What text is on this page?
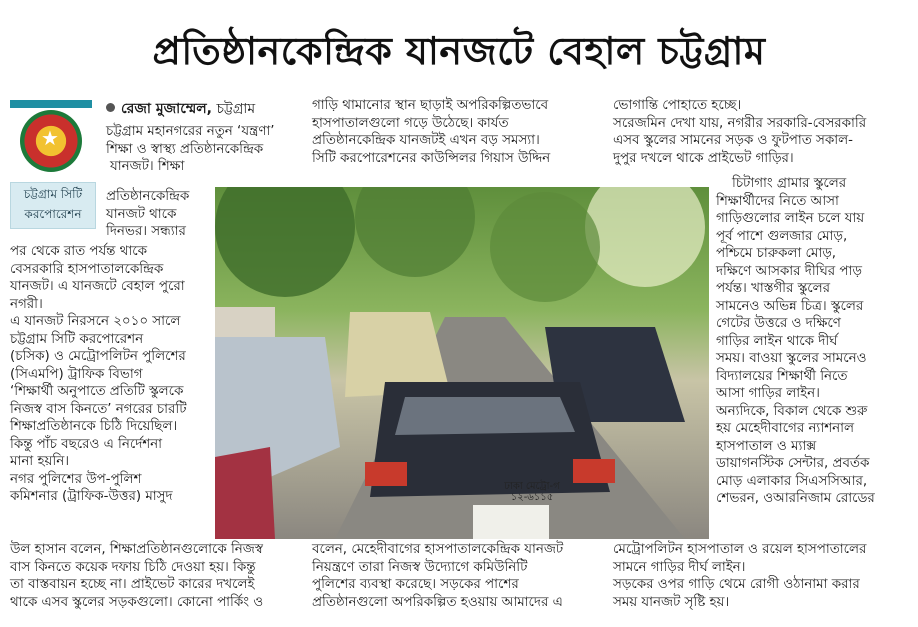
প্রতিষ্ঠানকেন্দ্রিক যানজটে বেহাল চট্টগ্রাম
★
চট্টগ্রাম সিটি
করপোরেশন
রেজা মুজাম্মেল, চট্টগ্রাম
চট্টগ্রাম মহানগরের নতুন ‘যন্ত্রণা’
শিক্ষা ও স্বাস্থ্য প্রতিষ্ঠানকেন্দ্রিক
যানজট। শিক্ষা
প্রতিষ্ঠানকেন্দ্রিক
যানজট থাকে
দিনভর। সন্ধ্যার
পর থেকে রাত পর্যন্ত থাকে
বেসরকারি হাসপাতালকেন্দ্রিক
যানজট। এ যানজটে বেহাল পুরো
নগরী।
এ যানজট নিরসনে ২০১০ সালে
চট্টগ্রাম সিটি করপোরেশন
(চসিক) ও মেট্রোপলিটন পুলিশের
(সিএমপি) ট্রাফিক বিভাগ
‘শিক্ষার্থী অনুপাতে প্রতিটি স্কুলকে
নিজস্ব বাস কিনতে’ নগরের চারটি
শিক্ষাপ্রতিষ্ঠানকে চিঠি দিয়েছিল।
কিন্তু পাঁচ বছরেও এ নির্দেশনা
মানা হয়নি।
নগর পুলিশের উপ-পুলিশ
কমিশনার (ট্রাফিক-উত্তর) মাসুদ
উল হাসান বলেন, শিক্ষাপ্রতিষ্ঠানগুলোকে নিজস্ব
বাস কিনতে কয়েক দফায় চিঠি দেওয়া হয়। কিন্তু
তা বাস্তবায়ন হচ্ছে না। প্রাইভেট কারের দখলেই
থাকে এসব স্কুলের সড়কগুলো। কোনো পার্কিং ও
গাড়ি থামানোর স্থান ছাড়াই অপরিকল্পিতভাবে
হাসপাতালগুলো গড়ে উঠেছে। কার্যত
প্রতিষ্ঠানকেন্দ্রিক যানজটই এখন বড় সমস্যা।
সিটি করপোরেশনের কাউন্সিলর গিয়াস উদ্দিন
বলেন, মেহেদীবাগের হাসপাতালকেন্দ্রিক যানজট
নিয়ন্ত্রণে তারা নিজস্ব উদ্যোগে কমিউনিটি
পুলিশের ব্যবস্থা করেছে। সড়কের পাশের
প্রতিষ্ঠানগুলো অপরিকল্পিত হওয়ায় আমাদের এ
ভোগান্তি পোহাতে হচ্ছে।
সরেজমিন দেখা যায়, নগরীর সরকারি-বেসরকারি
এসব স্কুলের সামনের সড়ক ও ফুটপাত সকাল-
দুপুর দখলে থাকে প্রাইভেট গাড়ির।
চিটাগাং গ্রামার স্কুলের
শিক্ষার্থীদের নিতে আসা
গাড়িগুলোর লাইন চলে যায়
পূর্ব পাশে গুলজার মোড়,
পশ্চিমে চারুকলা মোড়,
দক্ষিণে আসকার দীঘির পাড়
পর্যন্ত। খাস্তগীর স্কুলের
সামনেও অভিন্ন চিত্র। স্কুলের
গেটের উত্তরে ও দক্ষিণে
গাড়ির লাইন থাকে দীর্ঘ
সময়। বাওয়া স্কুলের সামনেও
বিদ্যালয়ের শিক্ষার্থী নিতে
আসা গাড়ির লাইন।
অন্যদিকে, বিকাল থেকে শুরু
হয় মেহেদীবাগের ন্যাশনাল
হাসপাতাল ও ম্যাক্স
ডায়াগনস্টিক সেন্টার, প্রবর্তক
মোড় এলাকার সিএসসিআর,
শেভরন, ওআরনিজাম রোডের
মেট্রোপলিটন হাসপাতাল ও রয়েল হাসপাতালের
সামনে গাড়ির দীর্ঘ লাইন।
সড়কের ওপর গাড়ি থেমে রোগী ওঠানামা করার
সময় যানজট সৃষ্টি হয়।
ঢাকা মেট্রো-গ
১২-৬১১৫
